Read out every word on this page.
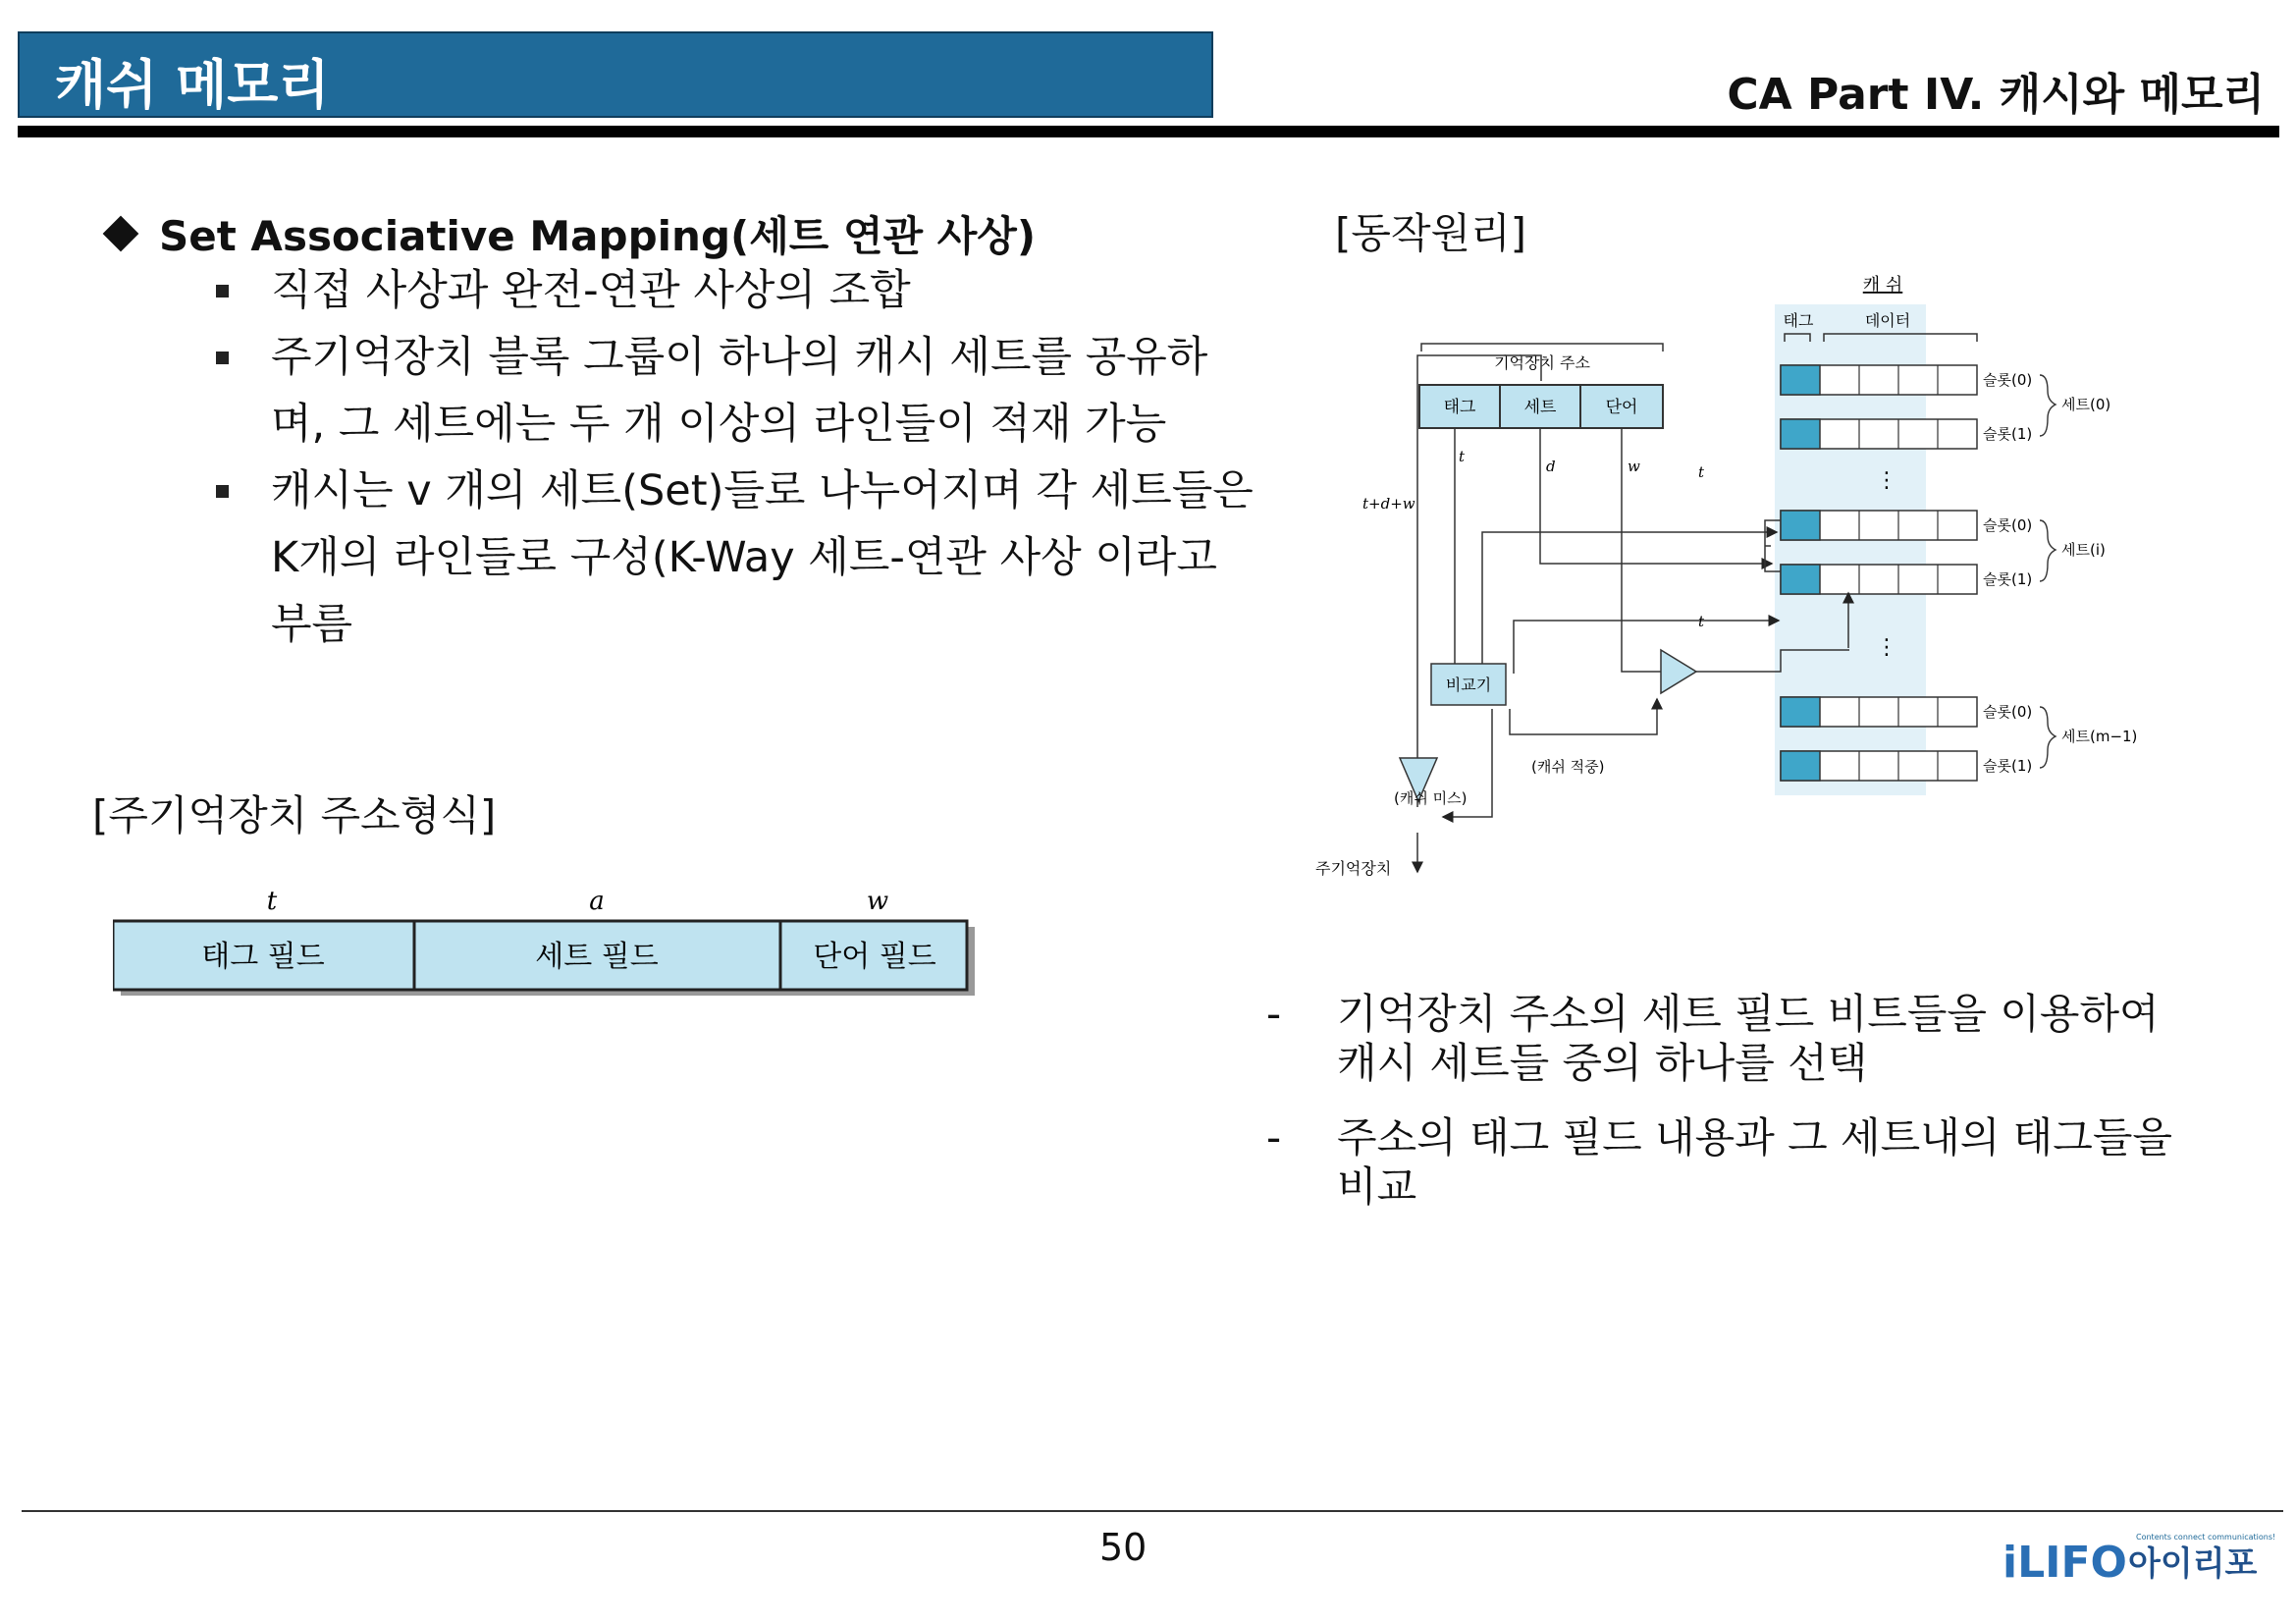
캐쉬 메모리	CA Part IV. 캐시와 메모리
Set Associative Mapping(세트 연관 사상)
직접 사상과 완전-연관 사상의 조합
주기억장치 블록 그룹이 하나의 캐시 세트를 공유하며, 그 세트에는 두 개 이상의 라인들이 적재 가능
캐시는 v 개의 세트(Set)들로 나누어지며 각 세트들은 K개의 라인들로 구성(K-Way 세트-연관 사상 이라고 부름
[주기억장치 주소형식]
t	a	w
태그 필드	세트 필드	단어 필드
[동작원리]
캐 쉬
태그	데이터
기억장치 주소
태그	세트	단어
슬롯(0)
슬롯(1)
슬롯(0)
슬롯(1)
슬롯(0)
슬롯(1)
세트(0)
세트(i)
세트(m−1)
⋮
⋮
비교기
t
d	w	t
t
t+d+w
(캐쉬 적중)
(캐쉬 미스)
주기억장치
- 기억장치 주소의 세트 필드 비트들을 이용하여 캐시 세트들 중의 하나를 선택
- 주소의 태그 필드 내용과 그 세트내의 태그들을 비교
50	Contents connect communications!
iLIFO 아이리포
